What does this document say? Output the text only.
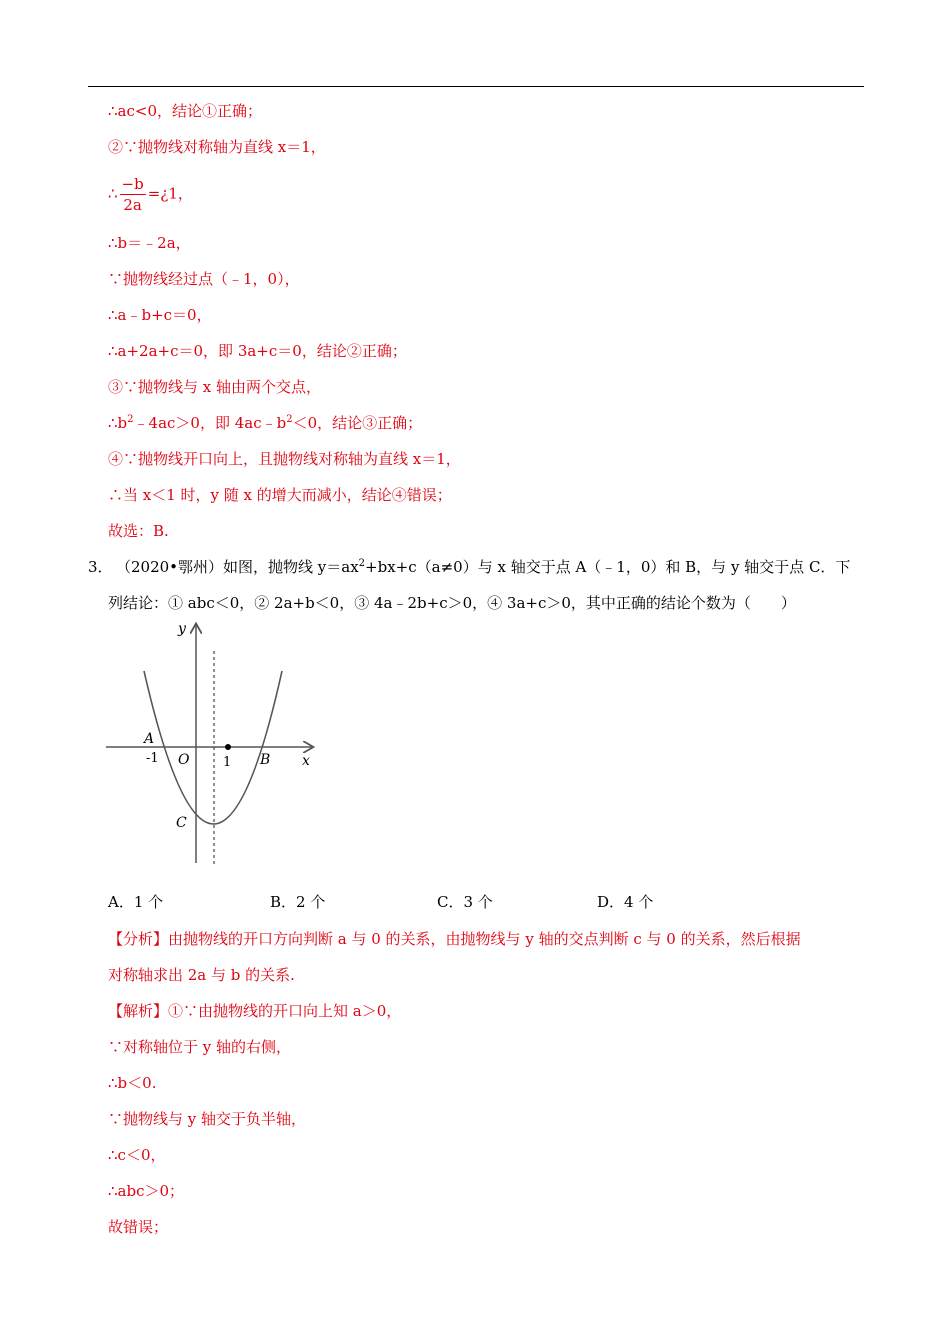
∴ac<0，结论①正确；
②∵抛物线对称轴为直线 x＝1，
∴ $\frac{-b}{2a}$ =¿1，
∴b＝﹣2a，
∵抛物线经过点（﹣1，0），
∴a﹣b+c＝0，
∴a+2a+c＝0，即 3a+c＝0，结论②正确；
③∵抛物线与 x 轴由两个交点，
$\therefore b^2﹣4ac>0$，即 $4ac﹣b^2<0$，结论③正确；
④∵抛物线开口向上，且抛物线对称轴为直线 x＝1，
∴当 x＜1 时，y 随 x 的增大而减小，结论④错误；
故选：B.
3． （2020•鄂州）如图，抛物线 $y=ax^2+bx+c(a\ne 0)$与 x 轴交于点 A（﹣1，0）和 B，与 y 轴交于点 C．下
列结论：① abc＜0，② 2a+b＜0，③ 4a﹣2b+c＞0，④ 3a+c＞0，其中正确的结论个数为（　　）
y
x
A
-1 O	1 B
C
A．1 个	B．2 个	C．3 个	D．4 个
【分析】由抛物线的开口方向判断 a 与 0 的关系，由抛物线与 y 轴的交点判断 c 与 0 的关系，然后根据
对称轴求出 2a 与 b 的关系.
【解析】①∵由抛物线的开口向上知 a＞0，
∵对称轴位于 y 轴的右侧，
∴b＜0.
∵抛物线与 y 轴交于负半轴，
∴c＜0，
∴abc＞0；
故错误；
